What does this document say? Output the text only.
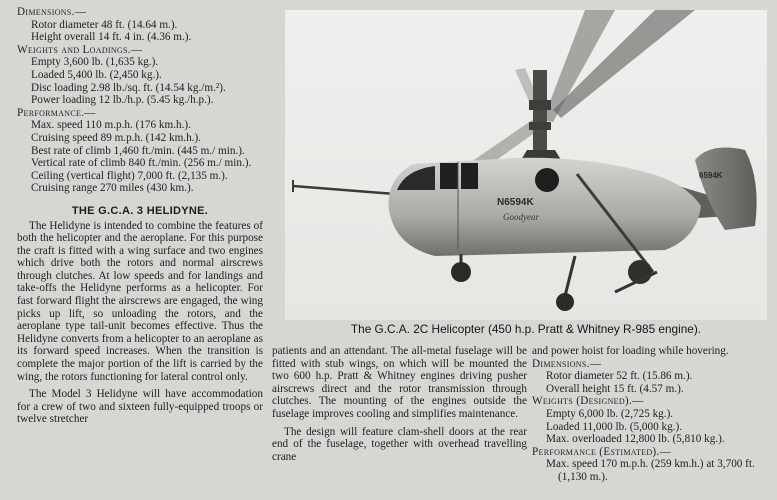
Dimensions.—
Rotor diameter 48 ft. (14.64 m.).
Height overall 14 ft. 4 in. (4.36 m.).
Weights and Loadings.—
Empty 3,600 lb. (1,635 kg.).
Loaded 5,400 lb. (2,450 kg.).
Disc loading 2.98 lb./sq. ft. (14.54 kg./m.²).
Power loading 12 lb./h.p. (5.45 kg./h.p.).
Performance.—
Max. speed 110 m.p.h. (176 km.h.).
Cruising speed 89 m.p.h. (142 km.h.).
Best rate of climb 1,460 ft./min. (445 m./ min.).
Vertical rate of climb 840 ft./min. (256 m./ min.).
Ceiling (vertical flight) 7,000 ft. (2,135 m.).
Cruising range 270 miles (430 km.).
THE G.C.A. 3 HELIDYNE.

The Helidyne is intended to combine the features of both the helicopter and the aeroplane. For this purpose the craft is fitted with a wing surface and two engines which drive both the rotors and normal airscrews through clutches. At low speeds and for landings and take-offs the Helidyne performs as a helicopter. For fast forward flight the airscrews are engaged, the wing picks up lift, so unloading the rotors, and the aeroplane type tail-unit becomes effective. Thus the Helidyne converts from a helicopter to an aeroplane as its forward speed increases. When the transition is complete the major portion of the lift is carried by the wing, the rotors functioning for lateral control only.

The Model 3 Helidyne will have accommodation for a crew of two and sixteen fully-equipped troops or twelve stretcher

N6594K
Goodyear
6594K
The G.C.A. 2C Helicopter (450 h.p. Pratt & Whitney R-985 engine).

patients and an attendant. The all-metal fuselage will be fitted with stub wings, on which will be mounted the two 600 h.p. Pratt & Whitney engines driving pusher airscrews direct and the rotor transmission through clutches. The mounting of the engines outside the fuselage improves cooling and simplifies maintenance.

The design will feature clam-shell doors at the rear end of the fuselage, together with overhead travelling crane

and power hoist for loading while hovering.

Dimensions.—
Rotor diameter 52 ft. (15.86 m.).
Overall height 15 ft. (4.57 m.).
Weights (Designed).—
Empty 6,000 lb. (2,725 kg.).
Loaded 11,000 lb. (5,000 kg.).
Max. overloaded 12,800 lb. (5,810 kg.).
Performance (Estimated).—
Max. speed 170 m.p.h. (259 km.h.) at 3,700 ft. (1,130 m.).
